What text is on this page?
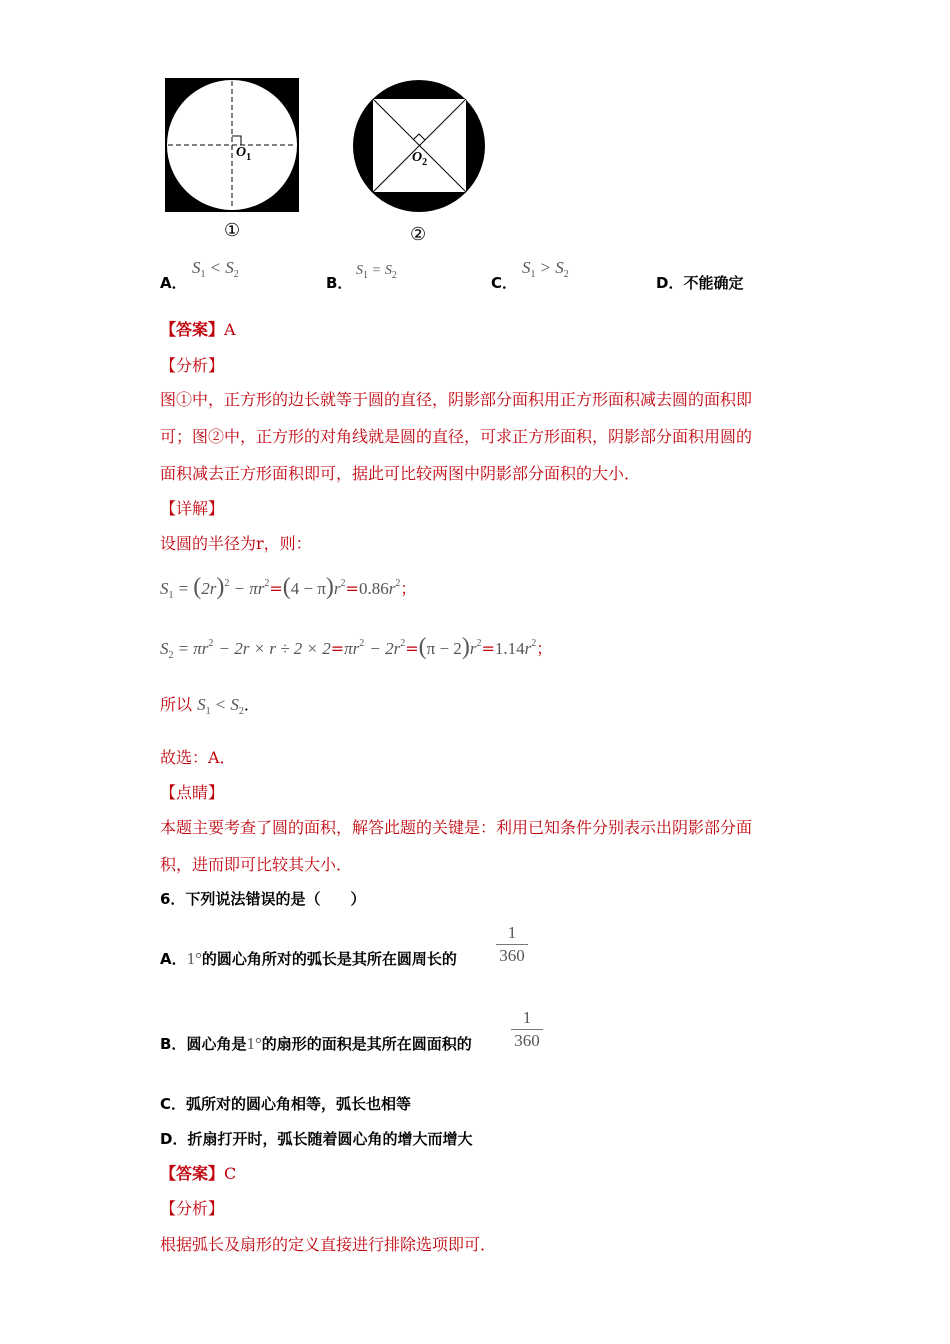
$O_1$
①
$O_2$
②
A．
$S_1 < S_2$	B．
$S_1 = S_2$	C．
$S_1 > S_2$	D．不能确定
【答案】A
【分析】
图①中，正方形的边长就等于圆的直径，阴影部分面积用正方形面积减去圆的面积即
可；图②中，正方形的对角线就是圆的直径，可求正方形面积，阴影部分面积用圆的
面积减去正方形面积即可，据此可比较两图中阴影部分面积的大小．
【详解】
设圆的半径为r，则：
$S_1 = (2r)^2 - \pi r^2=(4 - \pi)r^2=0.86r^2$；
$S_2 = \pi r^2 - 2r \times r \div 2 \times 2=\pi r^2 - 2r^2=(\pi - 2)r^2=1.14r^2$；
所以 $S_1 < S_2$．
故选：A．
【点睛】
本题主要考查了圆的面积，解答此题的关键是：利用已知条件分别表示出阴影部分面
积，进而即可比较其大小．
6．下列说法错误的是（　　）
A．1°的圆心角所对的弧长是其所在圆周长的
1
360
B．圆心角是1°的扇形的面积是其所在圆面积的
1
360
C．弧所对的圆心角相等，弧长也相等
D．折扇打开时，弧长随着圆心角的增大而增大
【答案】C
【分析】
根据弧长及扇形的定义直接进行排除选项即可．
